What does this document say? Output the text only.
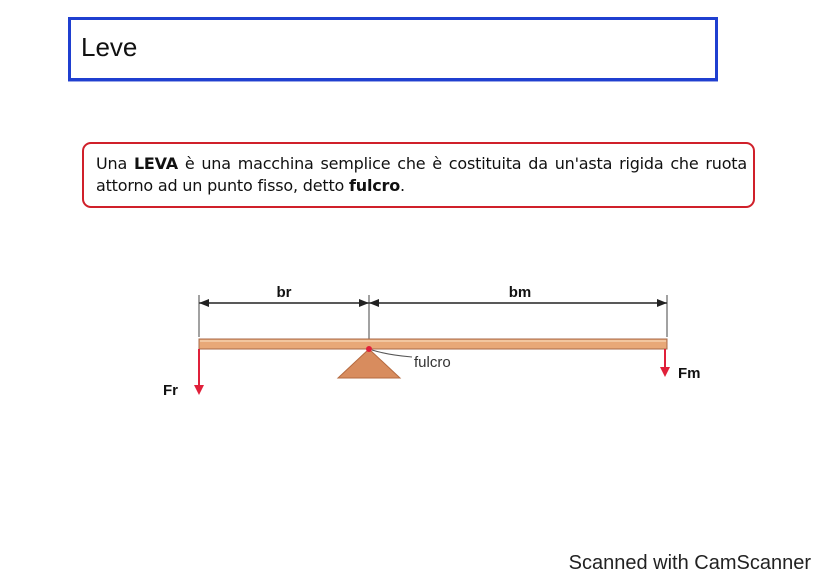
Leve
Una LEVA è una macchina semplice che è costituita da un'asta rigida che ruota attorno ad un punto fisso, detto fulcro.
br	bm
fulcro
Fr
Fm
Scanned with CamScanner
